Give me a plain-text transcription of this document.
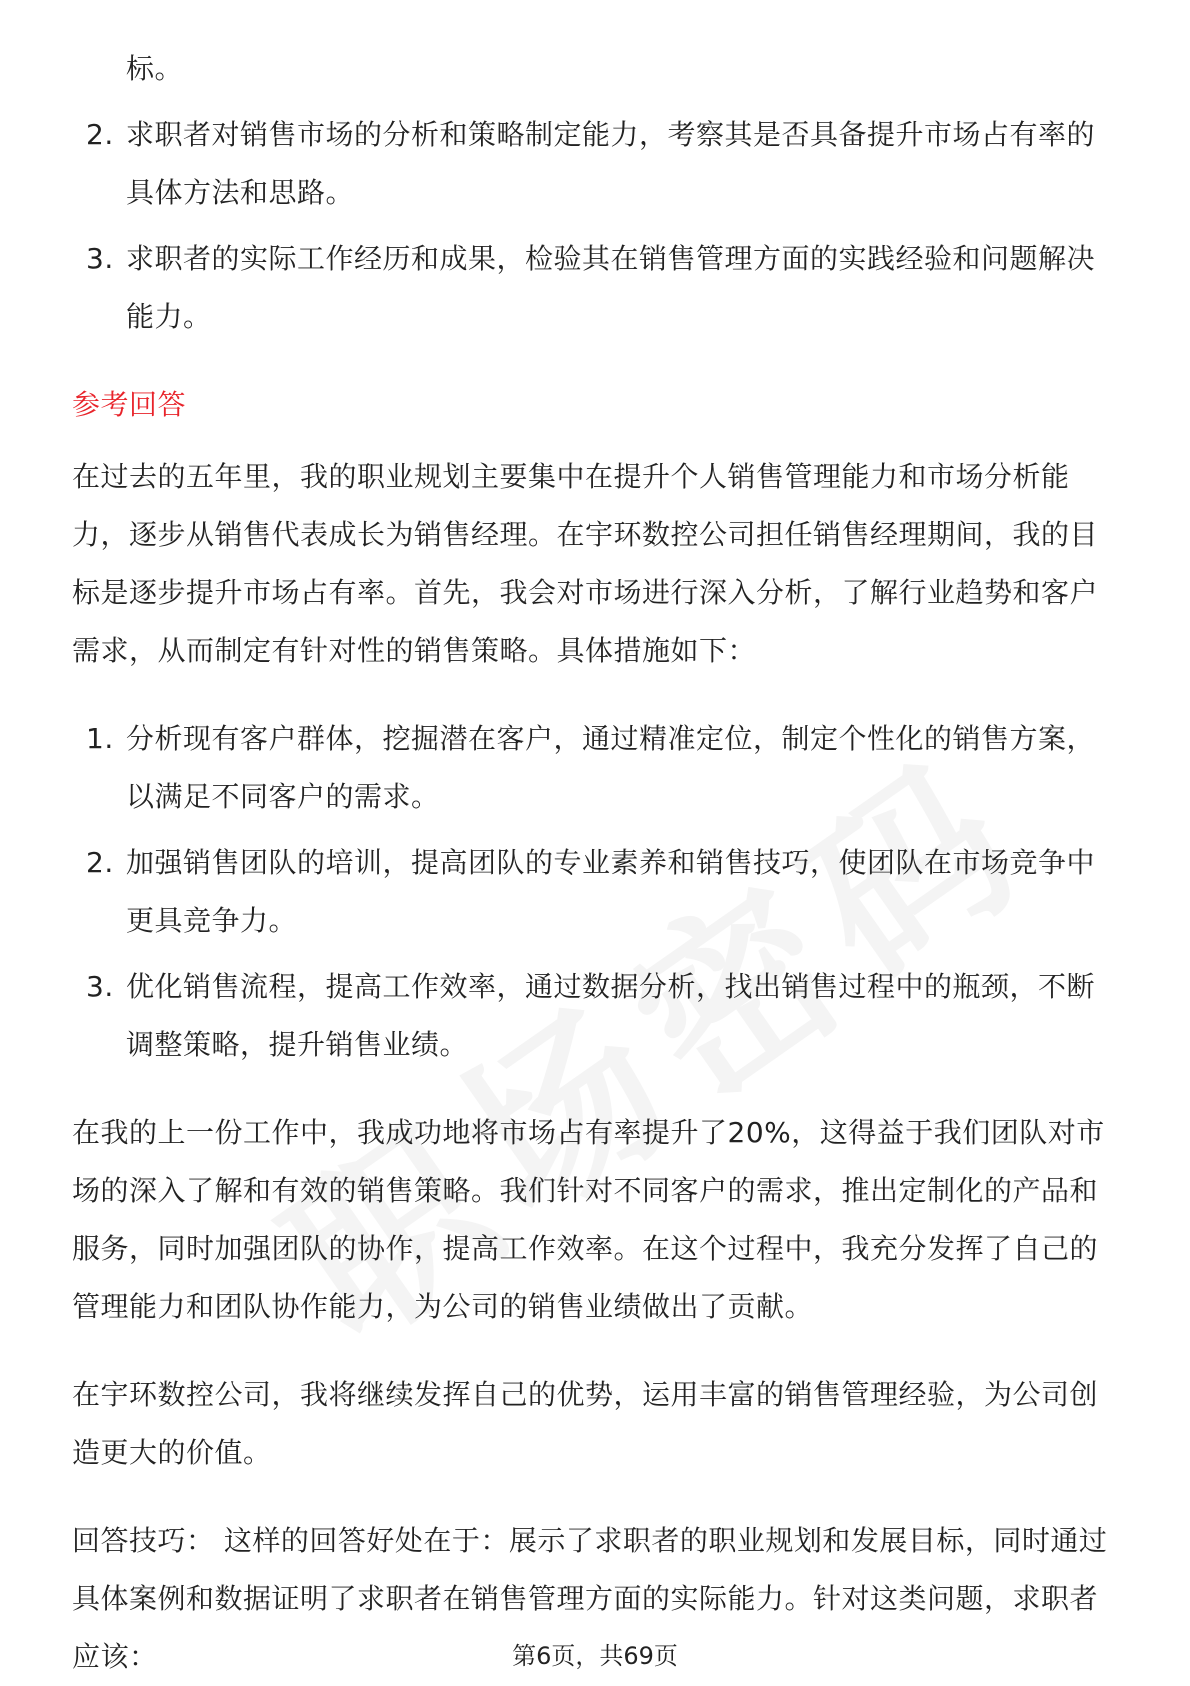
标。
2. 求职者对销售市场的分析和策略制定能力，考察其是否具备提升市场占有率的具体方法和思路。
3. 求职者的实际工作经历和成果，检验其在销售管理方面的实践经验和问题解决能力。
参考回答

在过去的五年里，我的职业规划主要集中在提升个人销售管理能力和市场分析能力，逐步从销售代表成长为销售经理。在宇环数控公司担任销售经理期间，我的目标是逐步提升市场占有率。首先，我会对市场进行深入分析，了解行业趋势和客户需求，从而制定有针对性的销售策略。具体措施如下：

1. 分析现有客户群体，挖掘潜在客户，通过精准定位，制定个性化的销售方案，以满足不同客户的需求。
2. 加强销售团队的培训，提高团队的专业素养和销售技巧，使团队在市场竞争中更具竞争力。
3. 优化销售流程，提高工作效率，通过数据分析，找出销售过程中的瓶颈，不断调整策略，提升销售业绩。

在我的上一份工作中，我成功地将市场占有率提升了20%，这得益于我们团队对市场的深入了解和有效的销售策略。我们针对不同客户的需求，推出定制化的产品和服务，同时加强团队的协作，提高工作效率。在这个过程中，我充分发挥了自己的管理能力和团队协作能力，为公司的销售业绩做出了贡献。

在宇环数控公司，我将继续发挥自己的优势，运用丰富的销售管理经验，为公司创造更大的价值。

回答技巧： 这样的回答好处在于：展示了求职者的职业规划和发展目标，同时通过具体案例和数据证明了求职者在销售管理方面的实际能力。针对这类问题，求职者应该：	第6页，共69页
